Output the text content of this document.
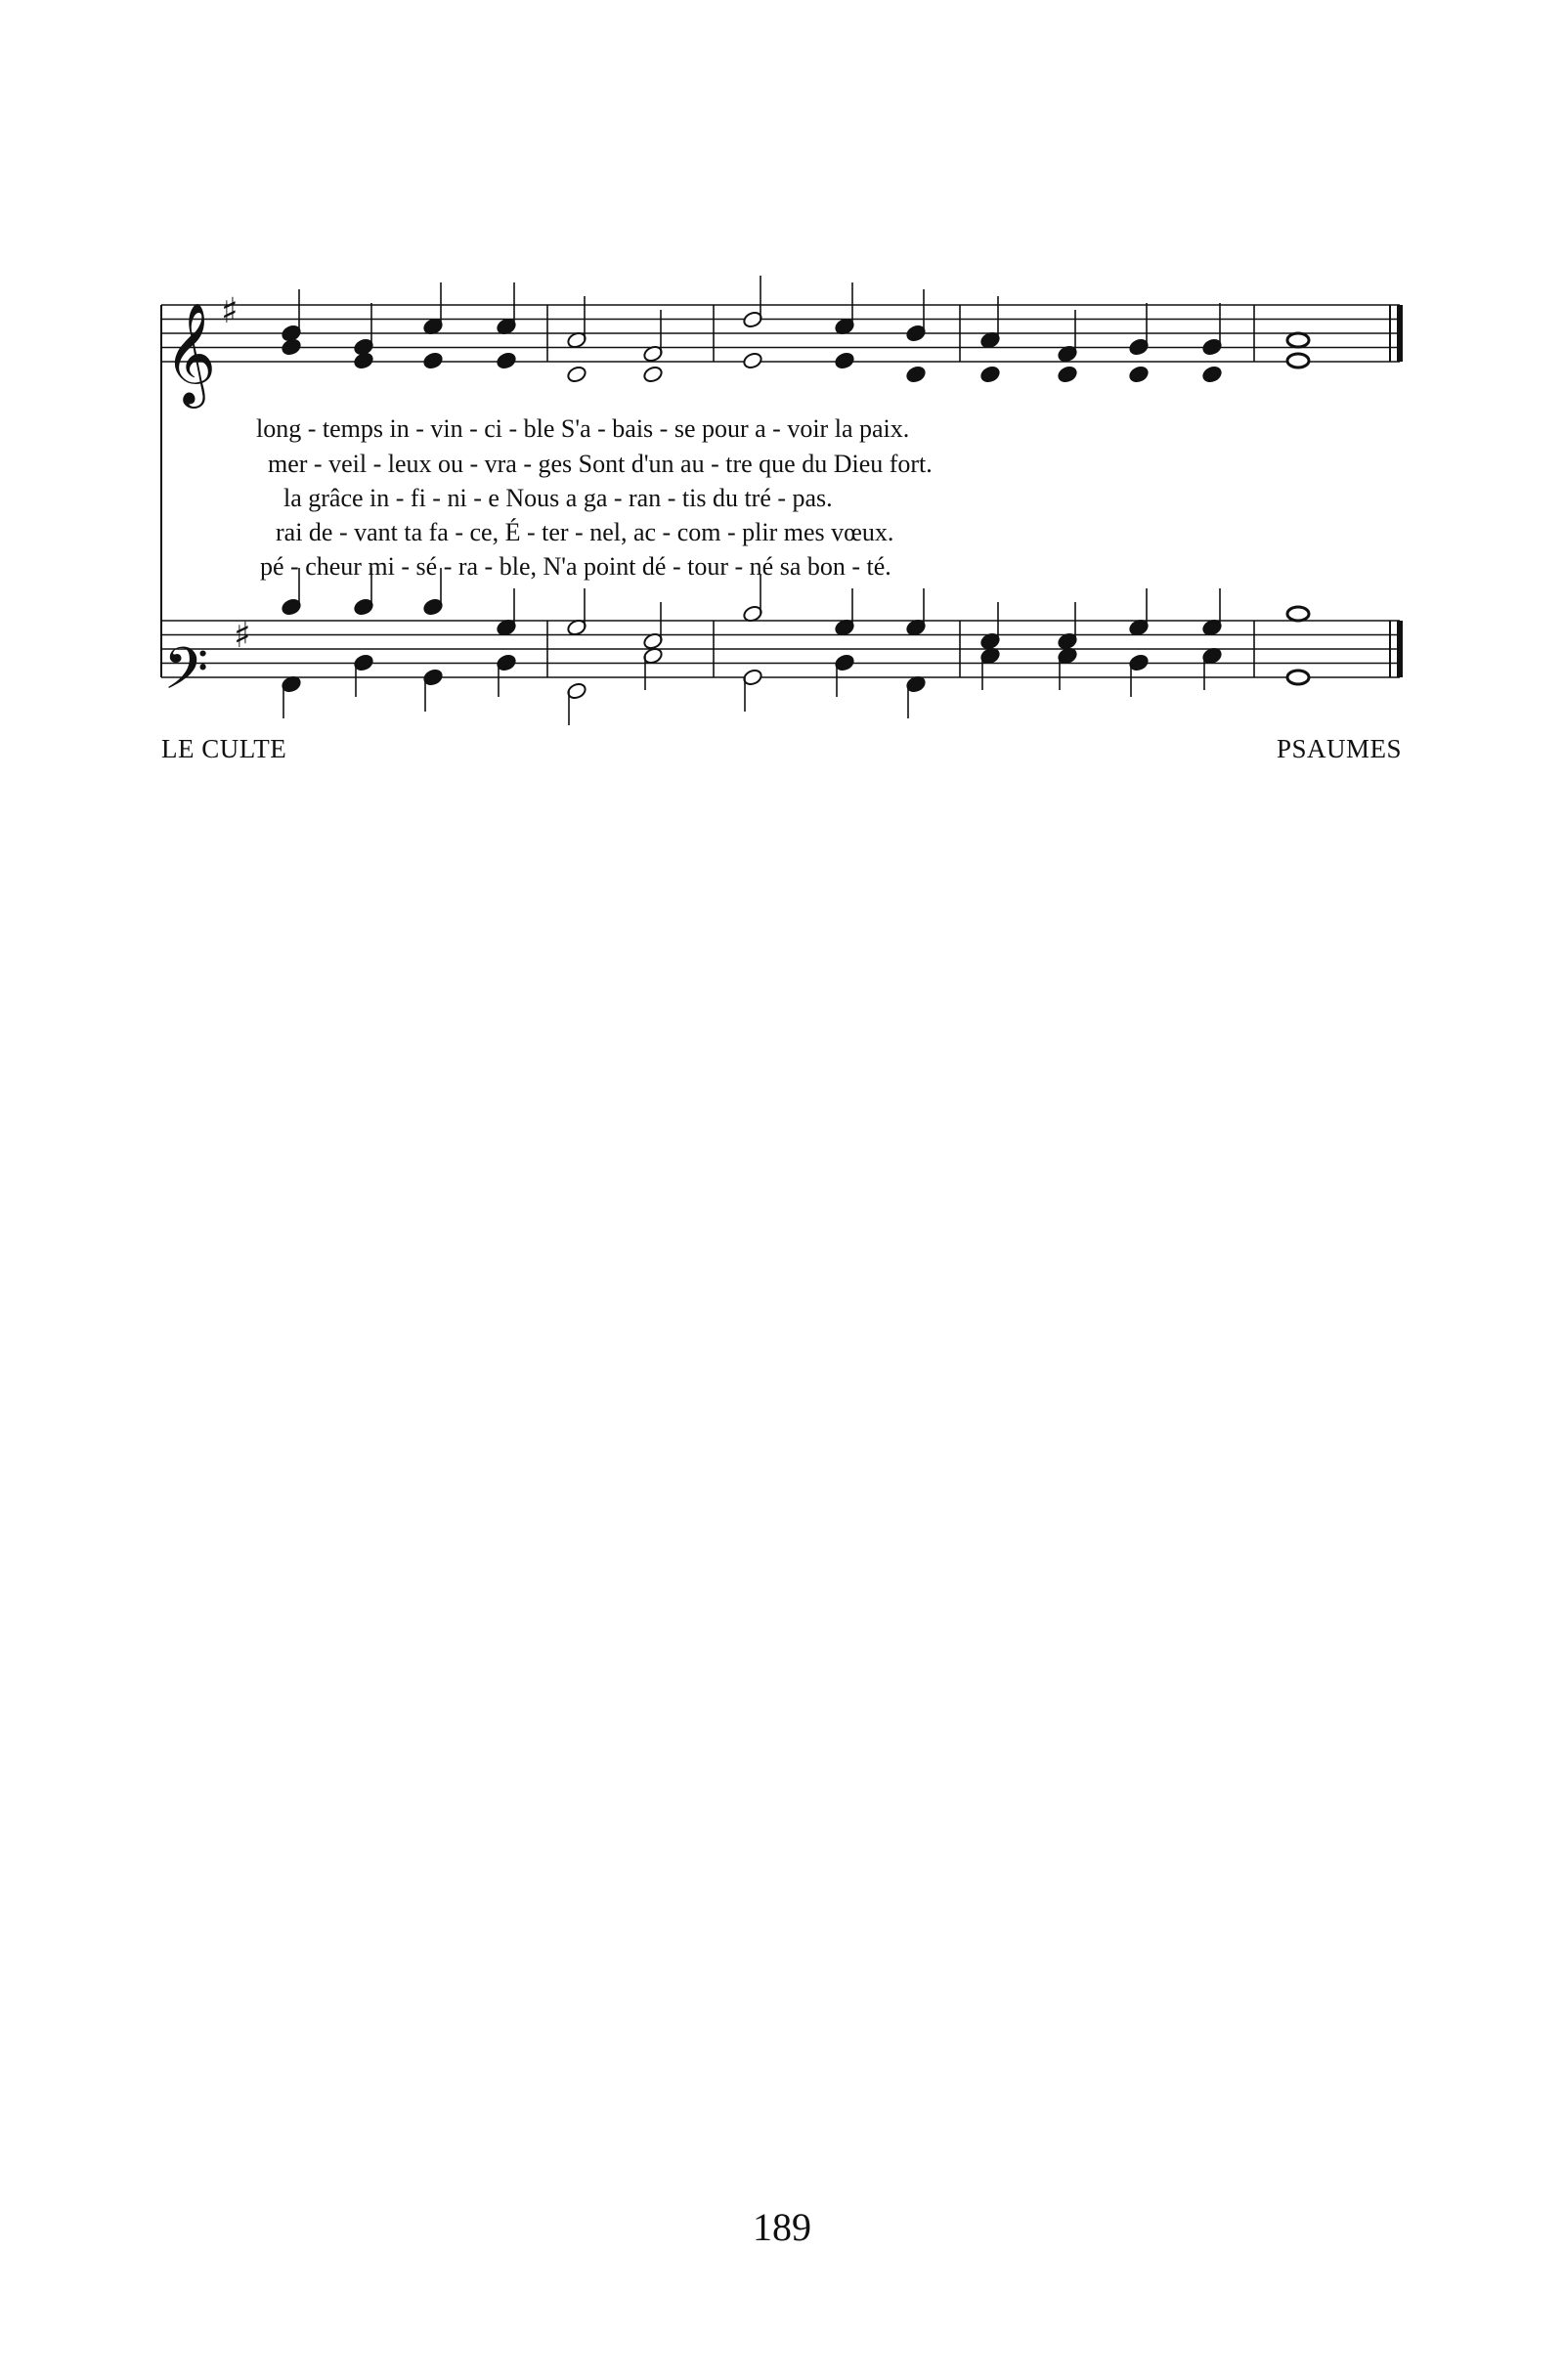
long - temps in - vin - ci - ble S'a - bais - se pour a - voir la paix.
mer - veil - leux ou - vra - ges Sont d'un au - tre que du Dieu fort.
la grâce in - fi - ni - e Nous a ga - ran - tis du tré - pas.
rai de - vant ta fa - ce, É - ter - nel, ac - com - plir mes vœux.
pé - cheur mi - sé - ra - ble, N'a point dé - tour - né sa bon - té.
𝄞
𝄢
♯
♯
LE CULTE	PSAUMES
189
